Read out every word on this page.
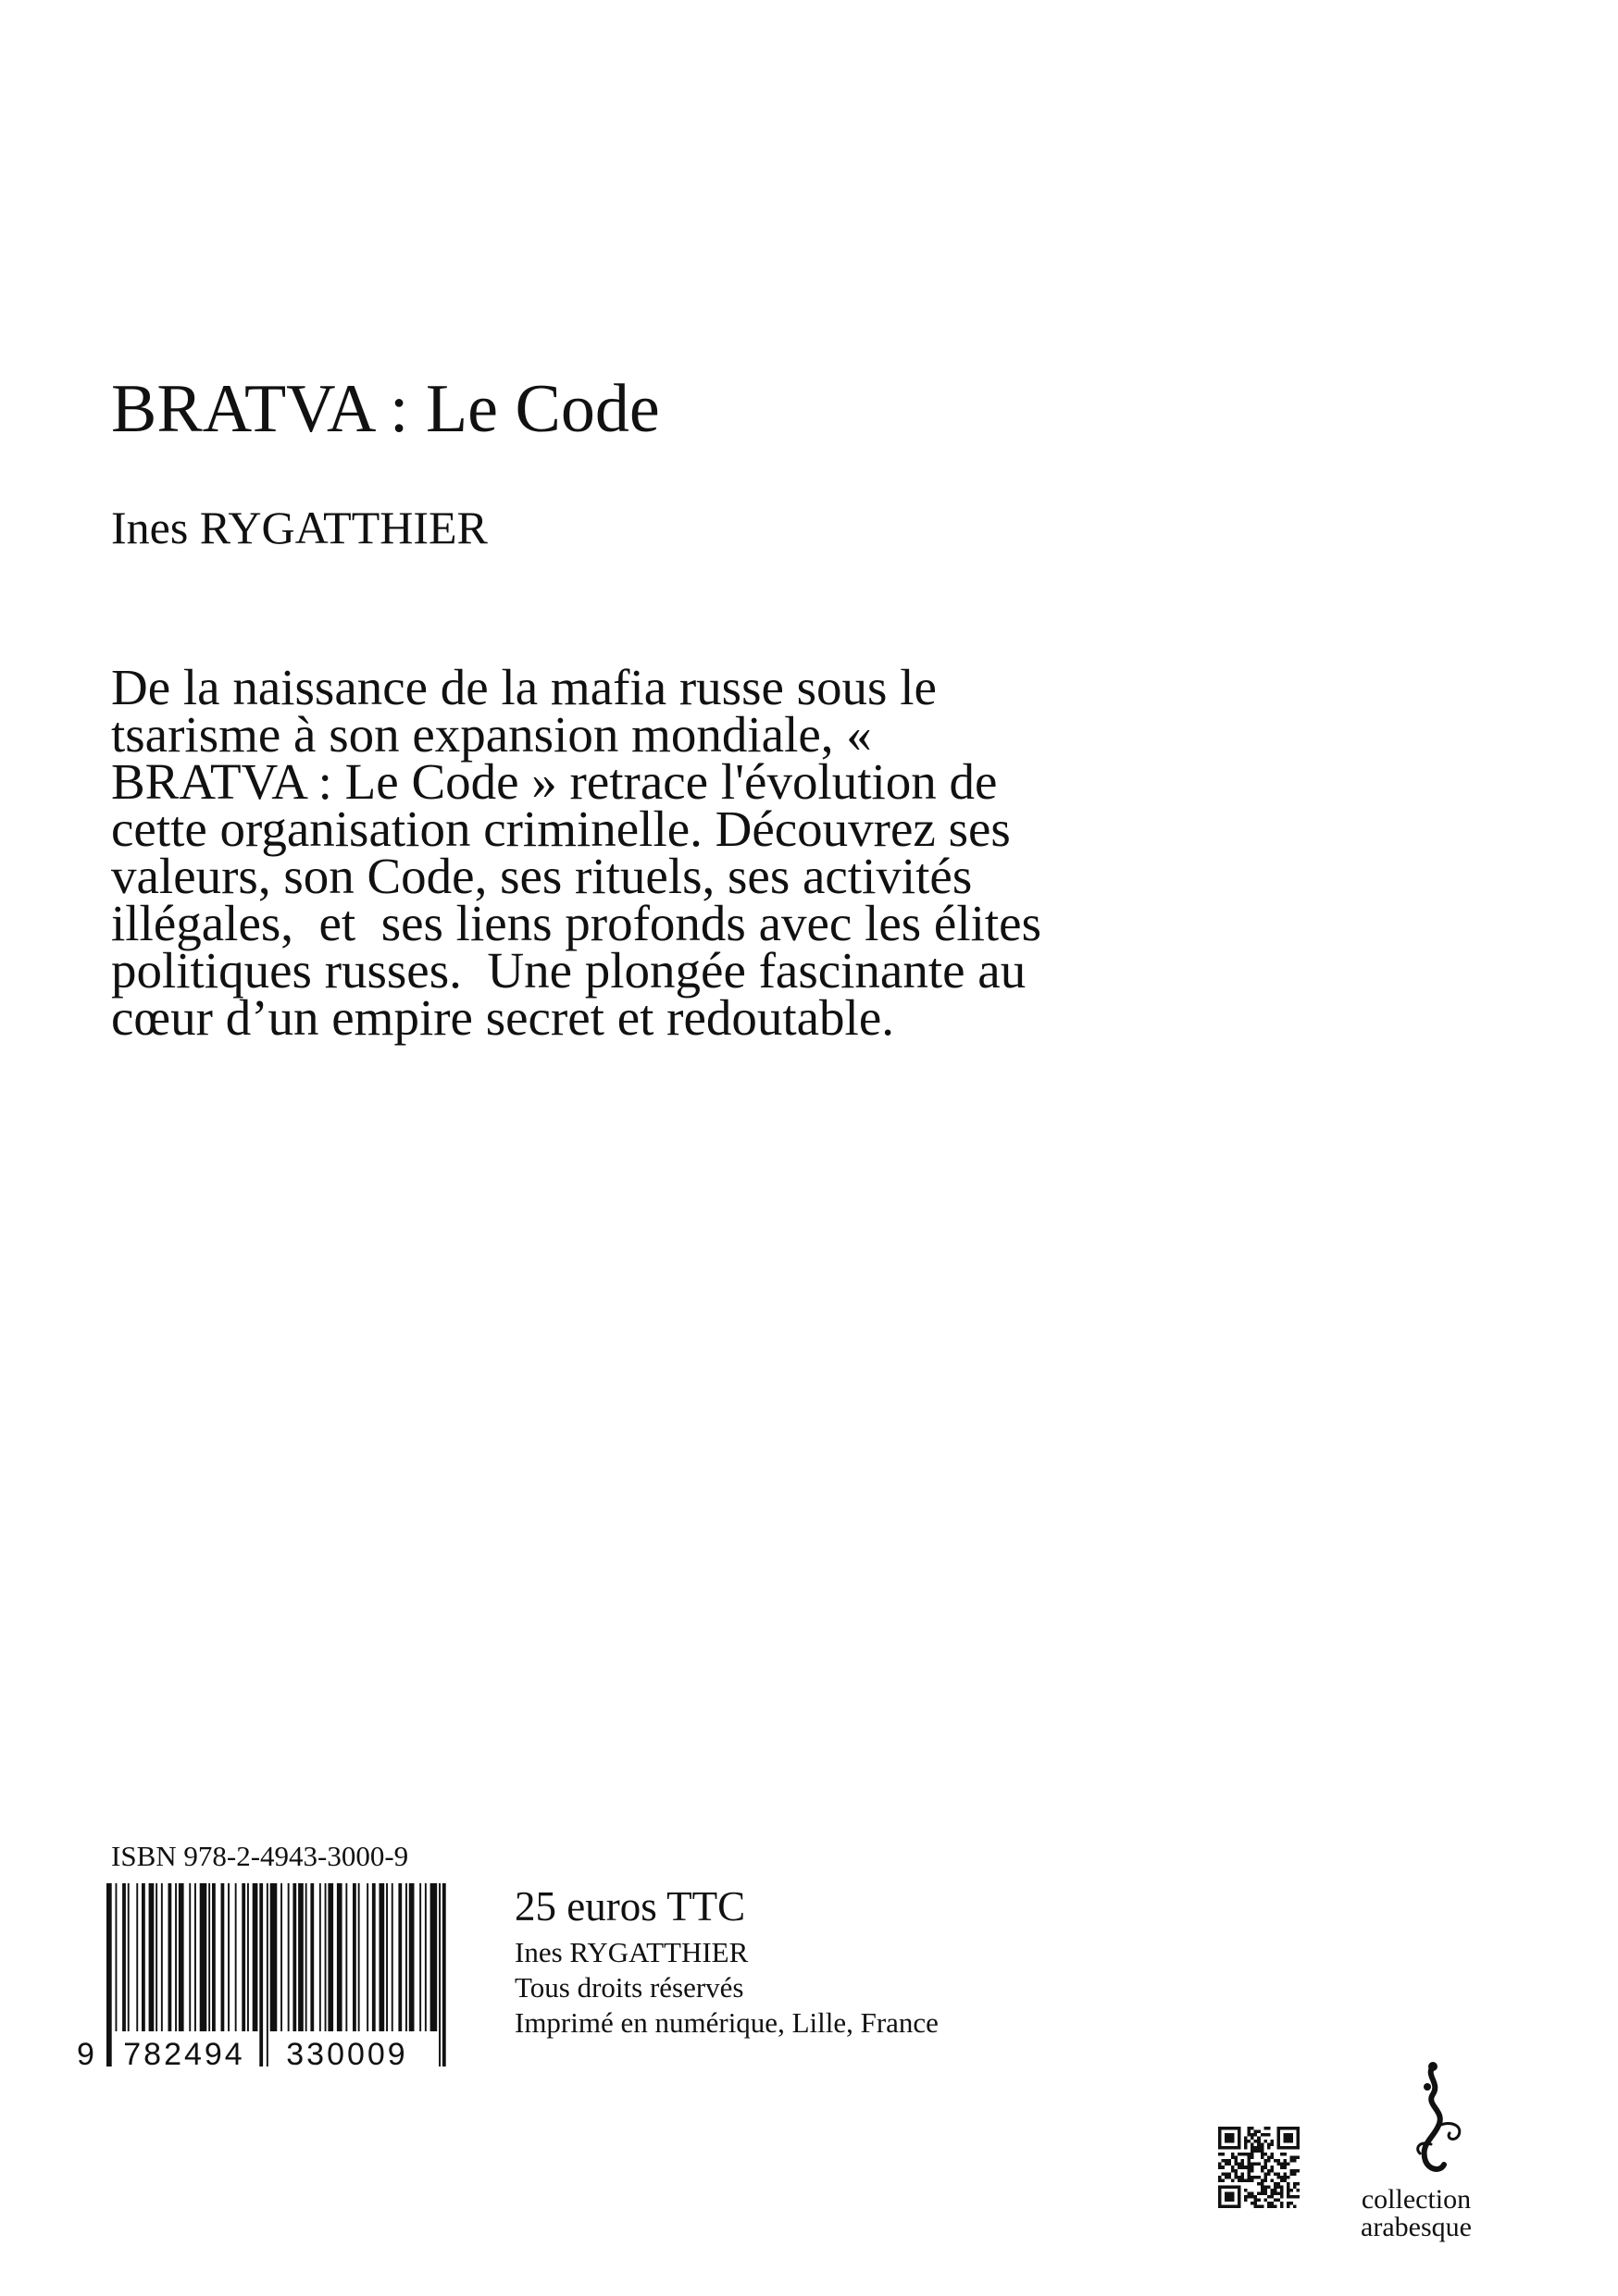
BRATVA : Le Code
Ines RYGATTHIER

De la naissance de la mafia russe sous le
tsarisme à son expansion mondiale, «
BRATVA : Le Code » retrace l'évolution de
cette organisation criminelle. Découvrez ses
valeurs, son Code, ses rituels, ses activités
illégales,  et  ses liens profonds avec les élites
politiques russes.  Une plongée fascinante au
cœur d’un empire secret et redoutable.

ISBN 978-2-4943-3000-9
9 782494 330009
25 euros TTC
Ines RYGATTHIER
Tous droits réservés
Imprimé en numérique, Lille, France
collection
arabesque
